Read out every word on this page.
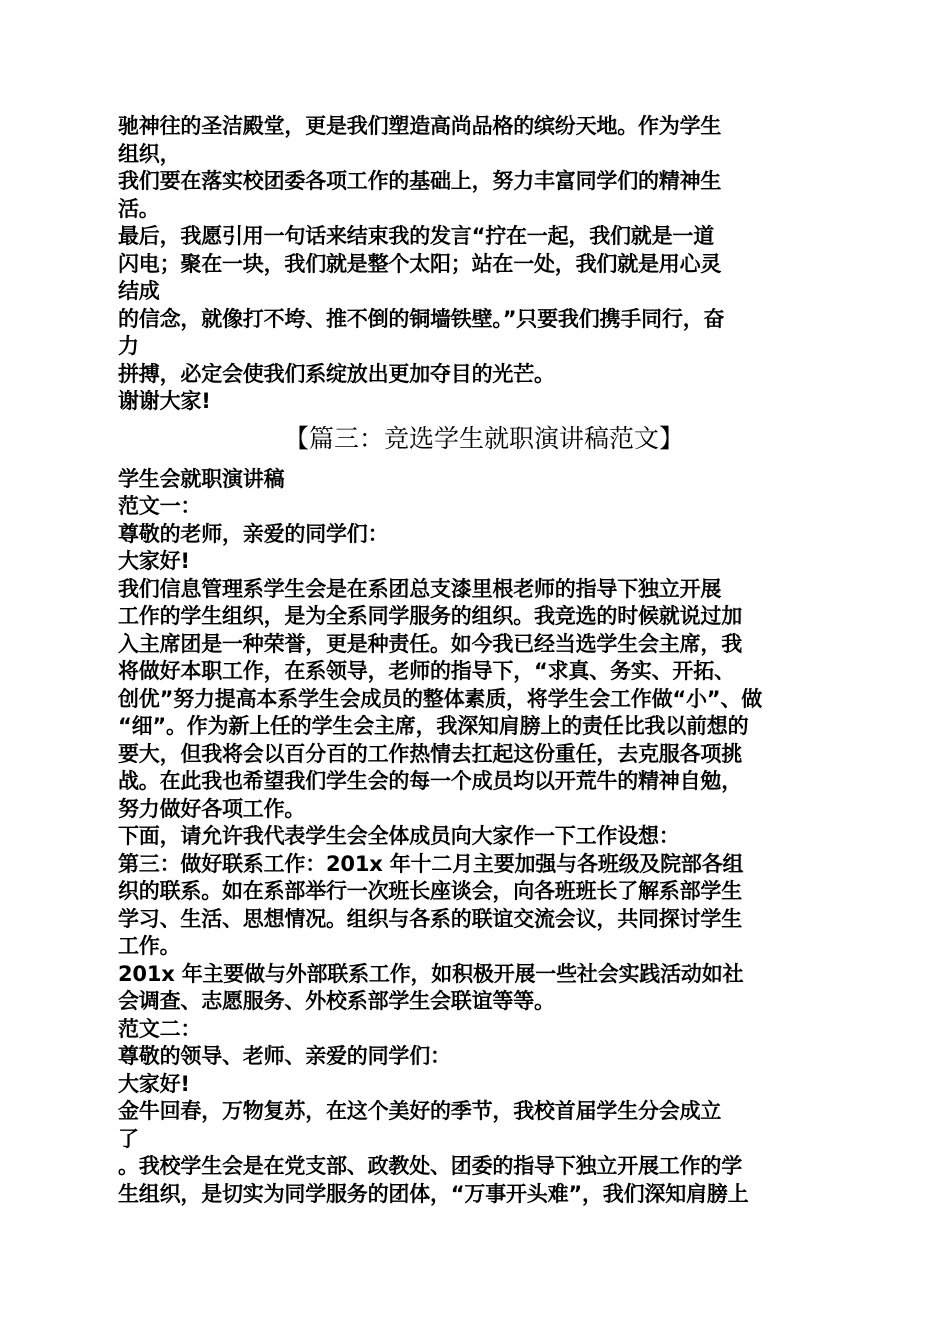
驰神往的圣洁殿堂，更是我们塑造高尚品格的缤纷天地。作为学生
组织，
我们要在落实校团委各项工作的基础上，努力丰富同学们的精神生
活。
最后，我愿引用一句话来结束我的发言“拧在一起，我们就是一道
闪电；聚在一块，我们就是整个太阳；站在一处，我们就是用心灵
结成
的信念，就像打不垮、推不倒的铜墙铁壁。”只要我们携手同行，奋
力
拼搏，必定会使我们系绽放出更加夺目的光芒。
谢谢大家!
【篇三：竞选学生就职演讲稿范文】
学生会就职演讲稿
范文一：
尊敬的老师，亲爱的同学们：
大家好!
我们信息管理系学生会是在系团总支漆里根老师的指导下独立开展
工作的学生组织，是为全系同学服务的组织。我竞选的时候就说过加
入主席团是一种荣誉，更是种责任。如今我已经当选学生会主席，我
将做好本职工作，在系领导，老师的指导下，“求真、务实、开拓、
创优”努力提高本系学生会成员的整体素质，将学生会工作做“小”、做
“细”。作为新上任的学生会主席，我深知肩膀上的责任比我以前想的
要大，但我将会以百分百的工作热情去扛起这份重任，去克服各项挑
战。在此我也希望我们学生会的每一个成员均以开荒牛的精神自勉，
努力做好各项工作。
下面，请允许我代表学生会全体成员向大家作一下工作设想：
第三：做好联系工作：201x 年十二月主要加强与各班级及院部各组
织的联系。如在系部举行一次班长座谈会，向各班班长了解系部学生
学习、生活、思想情况。组织与各系的联谊交流会议，共同探讨学生
工作。
201x 年主要做与外部联系工作，如积极开展一些社会实践活动如社
会调查、志愿服务、外校系部学生会联谊等等。
范文二：
尊敬的领导、老师、亲爱的同学们：
大家好!
金牛回春，万物复苏，在这个美好的季节，我校首届学生分会成立
了
。我校学生会是在党支部、政教处、团委的指导下独立开展工作的学
生组织，是切实为同学服务的团体，“万事开头难”，我们深知肩膀上
